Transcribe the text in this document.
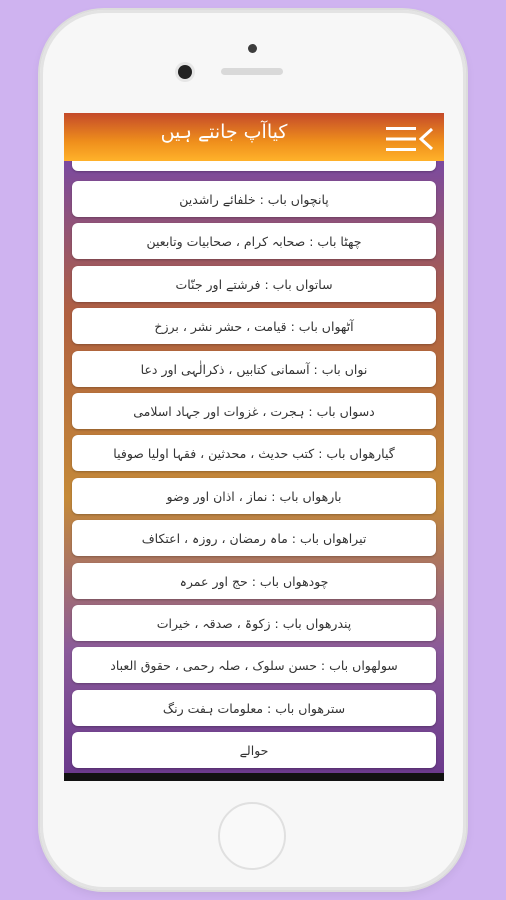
کیاآپ جانتے ہیں
پانچواں باب : خلفائے راشدین
چھٹا باب : صحابہ کرام ، صحابیات وتابعین
ساتواں باب : فرشتے اور جنّات
آٹھواں باب : قیامت ، حشر نشر ، برزخ
نواں باب : آسمانی کتابیں ، ذکرالٰہی اور دعا
دسواں باب : ہجرت ، غزوات اور جہاد اسلامی
گیارھواں باب : کتب حدیث ، محدثین ، فقہا اولیا صوفیا
بارھواں باب : نماز ، اذان اور وضو
تیراھواں باب : ماہ رمضان ، روزہ ، اعتکاف
چودھواں باب : حج اور عمرہ
پندرھواں باب : زکوۃ ، صدقہ ، خیرات
سولھواں باب : حسن سلوک ، صلہ رحمی ، حقوق العباد
سترھواں باب : معلومات ہفت رنگ
حوالے
